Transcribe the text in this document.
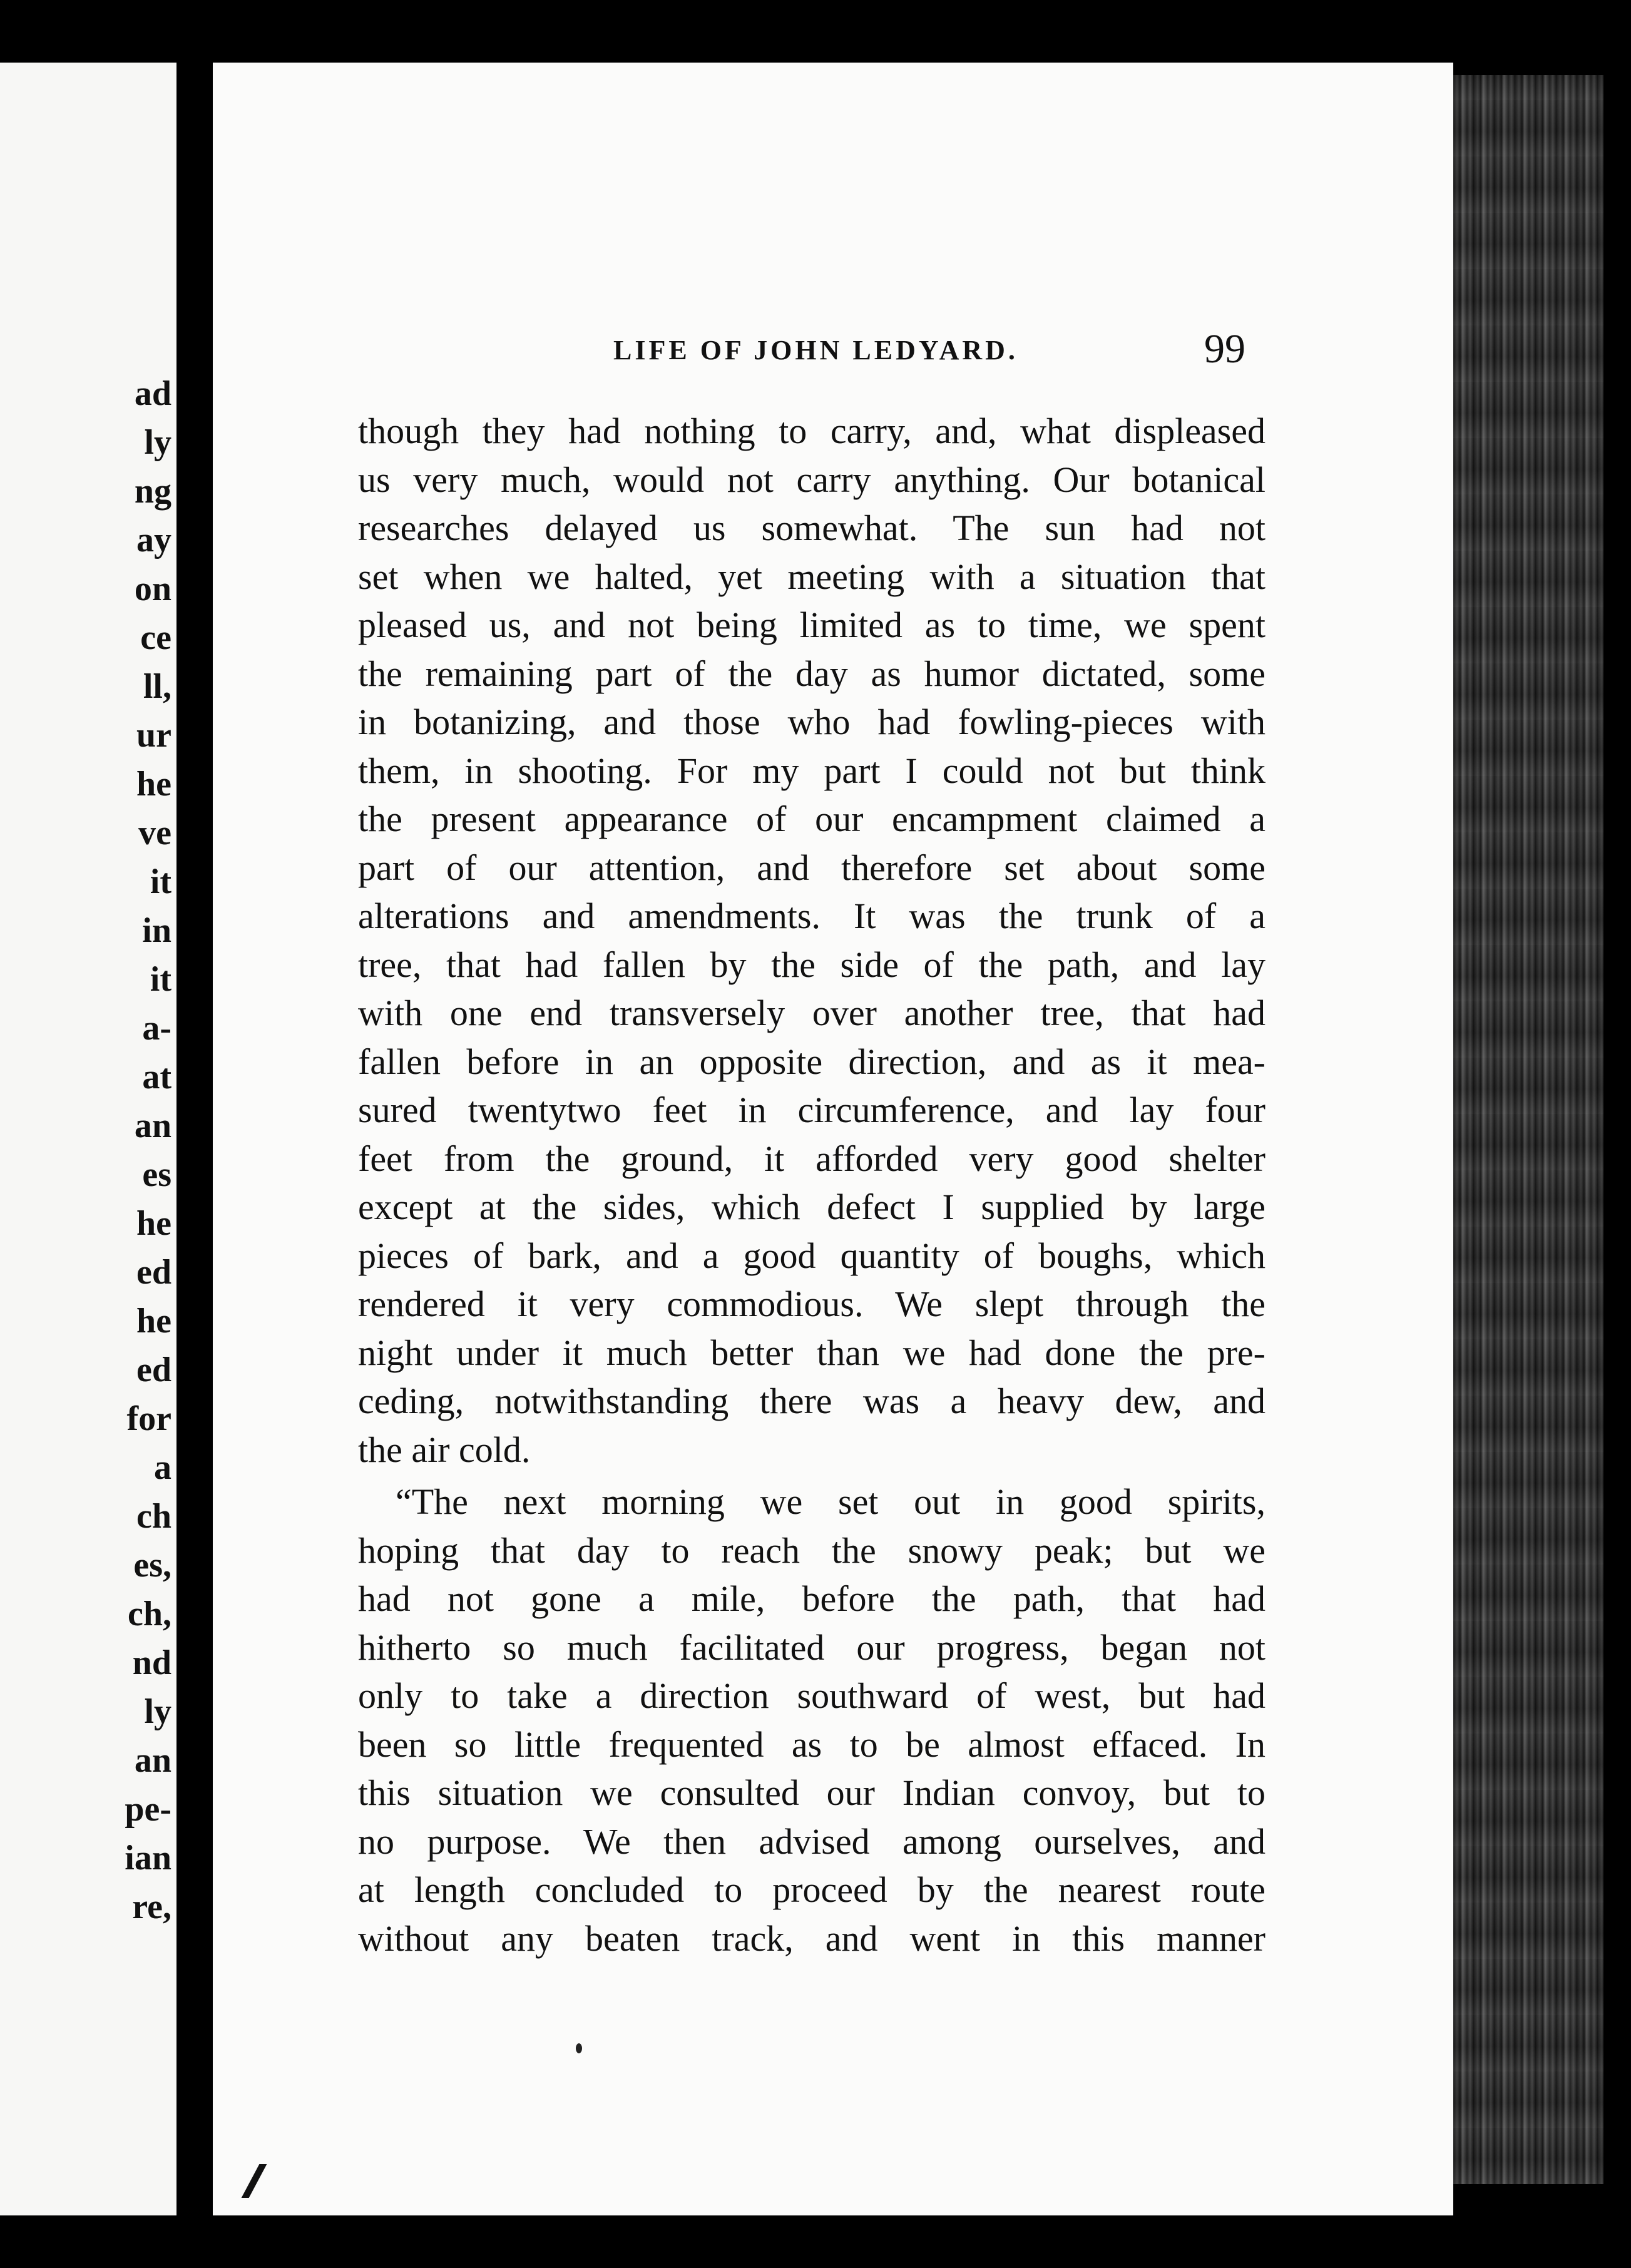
ad
ly
ng
ay
on
ce
ll,
ur
he
ve
it
in
it
a-
at
an
es
he
ed
he
ed
for
a
ch
es,
ch,
nd
ly
an
pe-
ian
re,
LIFE OF JOHN LEDYARD.	99
though they had nothing to carry, and, what displeased
us very much, would not carry anything. Our botanical
researches delayed us somewhat. The sun had not
set when we halted, yet meeting with a situation that
pleased us, and not being limited as to time, we spent
the remaining part of the day as humor dictated, some
in botanizing, and those who had fowling-pieces with
them, in shooting. For my part I could not but think
the present appearance of our encampment claimed a
part of our attention, and therefore set about some
alterations and amendments. It was the trunk of a
tree, that had fallen by the side of the path, and lay
with one end transversely over another tree, that had
fallen before in an opposite direction, and as it mea-
sured twentytwo feet in circumference, and lay four
feet from the ground, it afforded very good shelter
except at the sides, which defect I supplied by large
pieces of bark, and a good quantity of boughs, which
rendered it very commodious. We slept through the
night under it much better than we had done the pre-
ceding, notwithstanding there was a heavy dew, and
the air cold.
“The next morning we set out in good spirits,
hoping that day to reach the snowy peak; but we
had not gone a mile, before the path, that had
hitherto so much facilitated our progress, began not
only to take a direction southward of west, but had
been so little frequented as to be almost effaced. In
this situation we consulted our Indian convoy, but to
no purpose. We then advised among ourselves, and
at length concluded to proceed by the nearest route
without any beaten track, and went in this manner
